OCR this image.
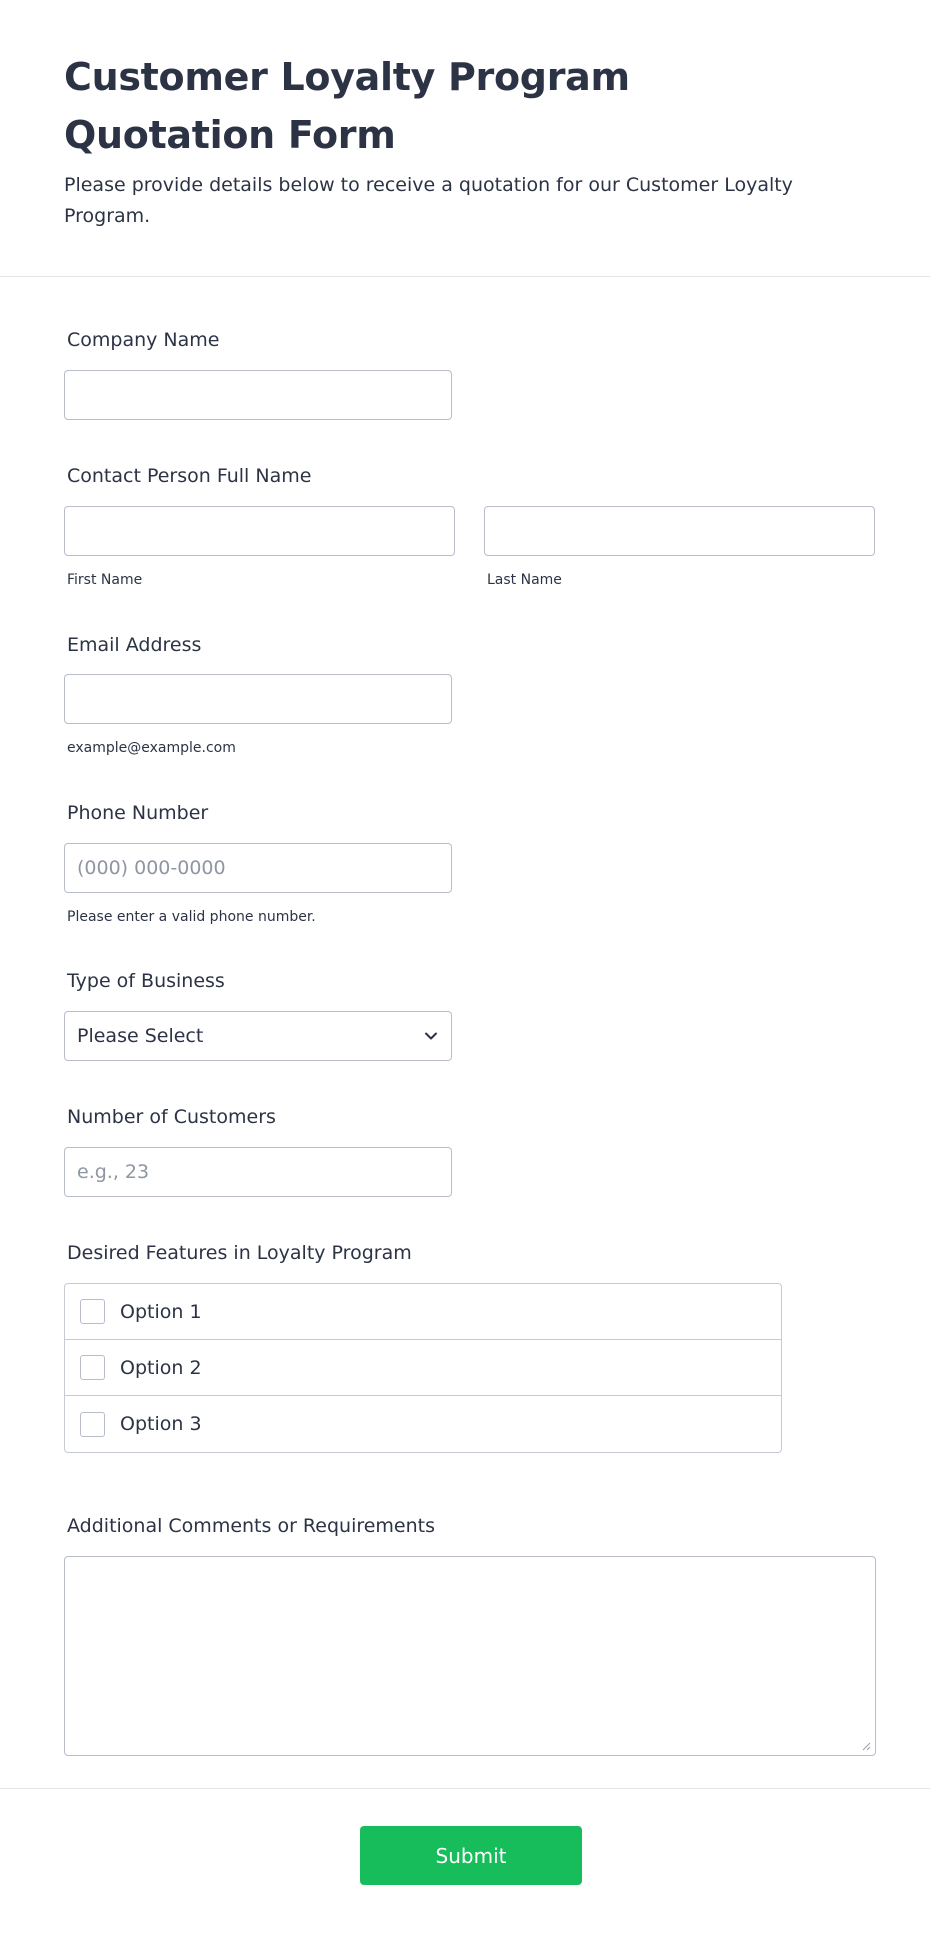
Customer Loyalty Program Quotation Form

Please provide details below to receive a quotation for our Customer Loyalty Program.

Company Name
Contact Person Full Name
First Name	Last Name
Email Address
example@example.com
Phone Number
(000) 000-0000
Please enter a valid phone number.
Type of Business
Please Select
Number of Customers
e.g., 23
Desired Features in Loyalty Program
Option 1
Option 2
Option 3
Additional Comments or Requirements
Submit
